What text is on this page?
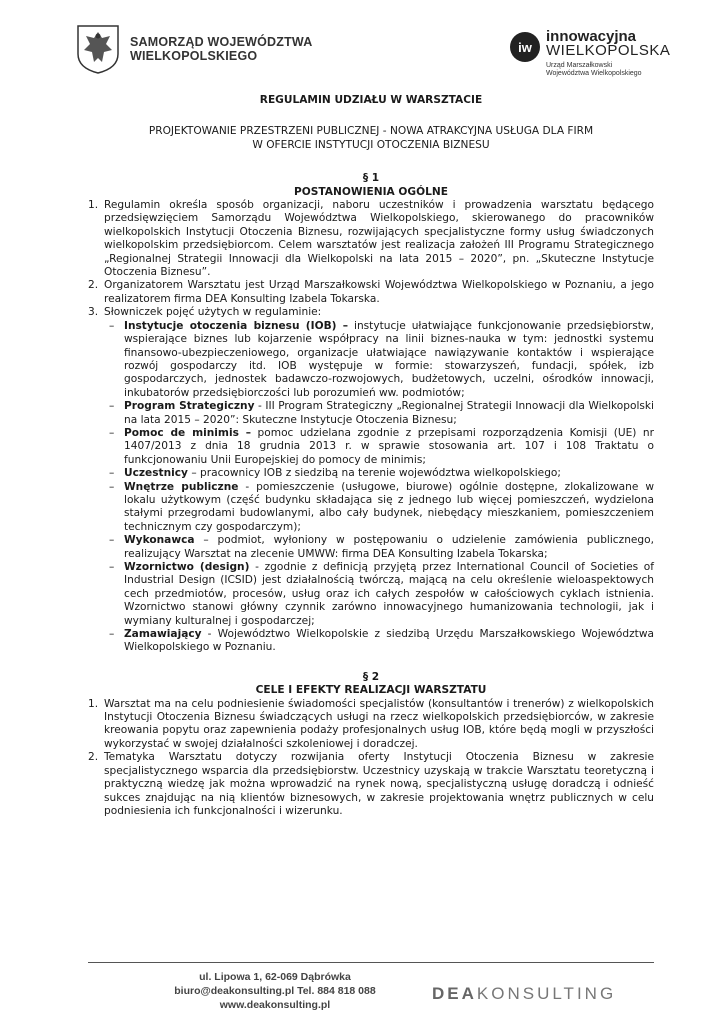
SAMORZĄD WOJEWÓDZTWA
WIELKOPOLSKIEGO
iw
innowacyjna
WIELKOPOLSKA
Urząd Marszałkowski
Województwa Wielkopolskiego
REGULAMIN UDZIAŁU W WARSZTACIE
PROJEKTOWANIE PRZESTRZENI PUBLICZNEJ - NOWA ATRAKCYJNA USŁUGA DLA FIRM
W OFERCIE INSTYTUCJI OTOCZENIA BIZNESU
§ 1
POSTANOWIENIA OGÓLNE
1. Regulamin określa sposób organizacji, naboru uczestników i prowadzenia warsztatu będącego przedsięwzięciem Samorządu Województwa Wielkopolskiego, skierowanego do pracowników wielkopolskich Instytucji Otoczenia Biznesu, rozwijających specjalistyczne formy usług świadczonych wielkopolskim przedsiębiorcom. Celem warsztatów jest realizacja założeń III Programu Strategicznego „Regionalnej Strategii Innowacji dla Wielkopolski na lata 2015 – 2020”, pn. „Skuteczne Instytucje Otoczenia Biznesu”.
2. Organizatorem Warsztatu jest Urząd Marszałkowski Województwa Wielkopolskiego w Poznaniu, a jego realizatorem firma DEA Konsulting Izabela Tokarska.
3. Słowniczek pojęć użytych w regulaminie:
– Instytucje otoczenia biznesu (IOB) – instytucje ułatwiające funkcjonowanie przedsiębiorstw, wspierające biznes lub kojarzenie współpracy na linii biznes-nauka w tym: jednostki systemu finansowo-ubezpieczeniowego, organizacje ułatwiające nawiązywanie kontaktów i wspierające rozwój gospodarczy itd. IOB występuje w formie: stowarzyszeń, fundacji, spółek, izb gospodarczych, jednostek badawczo-rozwojowych, budżetowych, uczelni, ośrodków innowacji, inkubatorów przedsiębiorczości lub porozumień ww. podmiotów;
– Program Strategiczny - III Program Strategiczny „Regionalnej Strategii Innowacji dla Wielkopolski na lata 2015 – 2020”: Skuteczne Instytucje Otoczenia Biznesu;
– Pomoc de minimis – pomoc udzielana zgodnie z przepisami rozporządzenia Komisji (UE) nr 1407/2013 z dnia 18 grudnia 2013 r. w sprawie stosowania art. 107 i 108 Traktatu o funkcjonowaniu Unii Europejskiej do pomocy de minimis;
– Uczestnicy – pracownicy IOB z siedzibą na terenie województwa wielkopolskiego;
– Wnętrze publiczne - pomieszczenie (usługowe, biurowe) ogólnie dostępne, zlokalizowane w lokalu użytkowym (część budynku składająca się z jednego lub więcej pomieszczeń, wydzielona stałymi przegrodami budowlanymi, albo cały budynek, niebędący mieszkaniem, pomieszczeniem technicznym czy gospodarczym);
– Wykonawca – podmiot, wyłoniony w postępowaniu o udzielenie zamówienia publicznego, realizujący Warsztat na zlecenie UMWW: firma DEA Konsulting Izabela Tokarska;
– Wzornictwo (design) - zgodnie z definicją przyjętą przez International Council of Societies of Industrial Design (ICSID) jest działalnością twórczą, mającą na celu określenie wieloaspektowych cech przedmiotów, procesów, usług oraz ich całych zespołów w całościowych cyklach istnienia. Wzornictwo stanowi główny czynnik zarówno innowacyjnego humanizowania technologii, jak i wymiany kulturalnej i gospodarczej;
– Zamawiający - Województwo Wielkopolskie z siedzibą Urzędu Marszałkowskiego Województwa Wielkopolskiego w Poznaniu.
§ 2
CELE I EFEKTY REALIZACJI WARSZTATU
1. Warsztat ma na celu podniesienie świadomości specjalistów (konsultantów i trenerów) z wielkopolskich Instytucji Otoczenia Biznesu świadczących usługi na rzecz wielkopolskich przedsiębiorców, w zakresie kreowania popytu oraz zapewnienia podaży profesjonalnych usług IOB, które będą mogli w przyszłości wykorzystać w swojej działalności szkoleniowej i doradczej.
2. Tematyka Warsztatu dotyczy rozwijania oferty Instytucji Otoczenia Biznesu w zakresie specjalistycznego wsparcia dla przedsiębiorstw. Uczestnicy uzyskają w trakcie Warsztatu teoretyczną i praktyczną wiedzę jak można wprowadzić na rynek nową, specjalistyczną usługę doradczą i odnieść sukces znajdując na nią klientów biznesowych, w zakresie projektowania wnętrz publicznych w celu podniesienia ich funkcjonalności i wizerunku.
ul. Lipowa 1, 62-069 Dąbrówka
biuro@deakonsulting.pl Tel. 884 818 088
www.deakonsulting.pl
DEAKONSULTING
